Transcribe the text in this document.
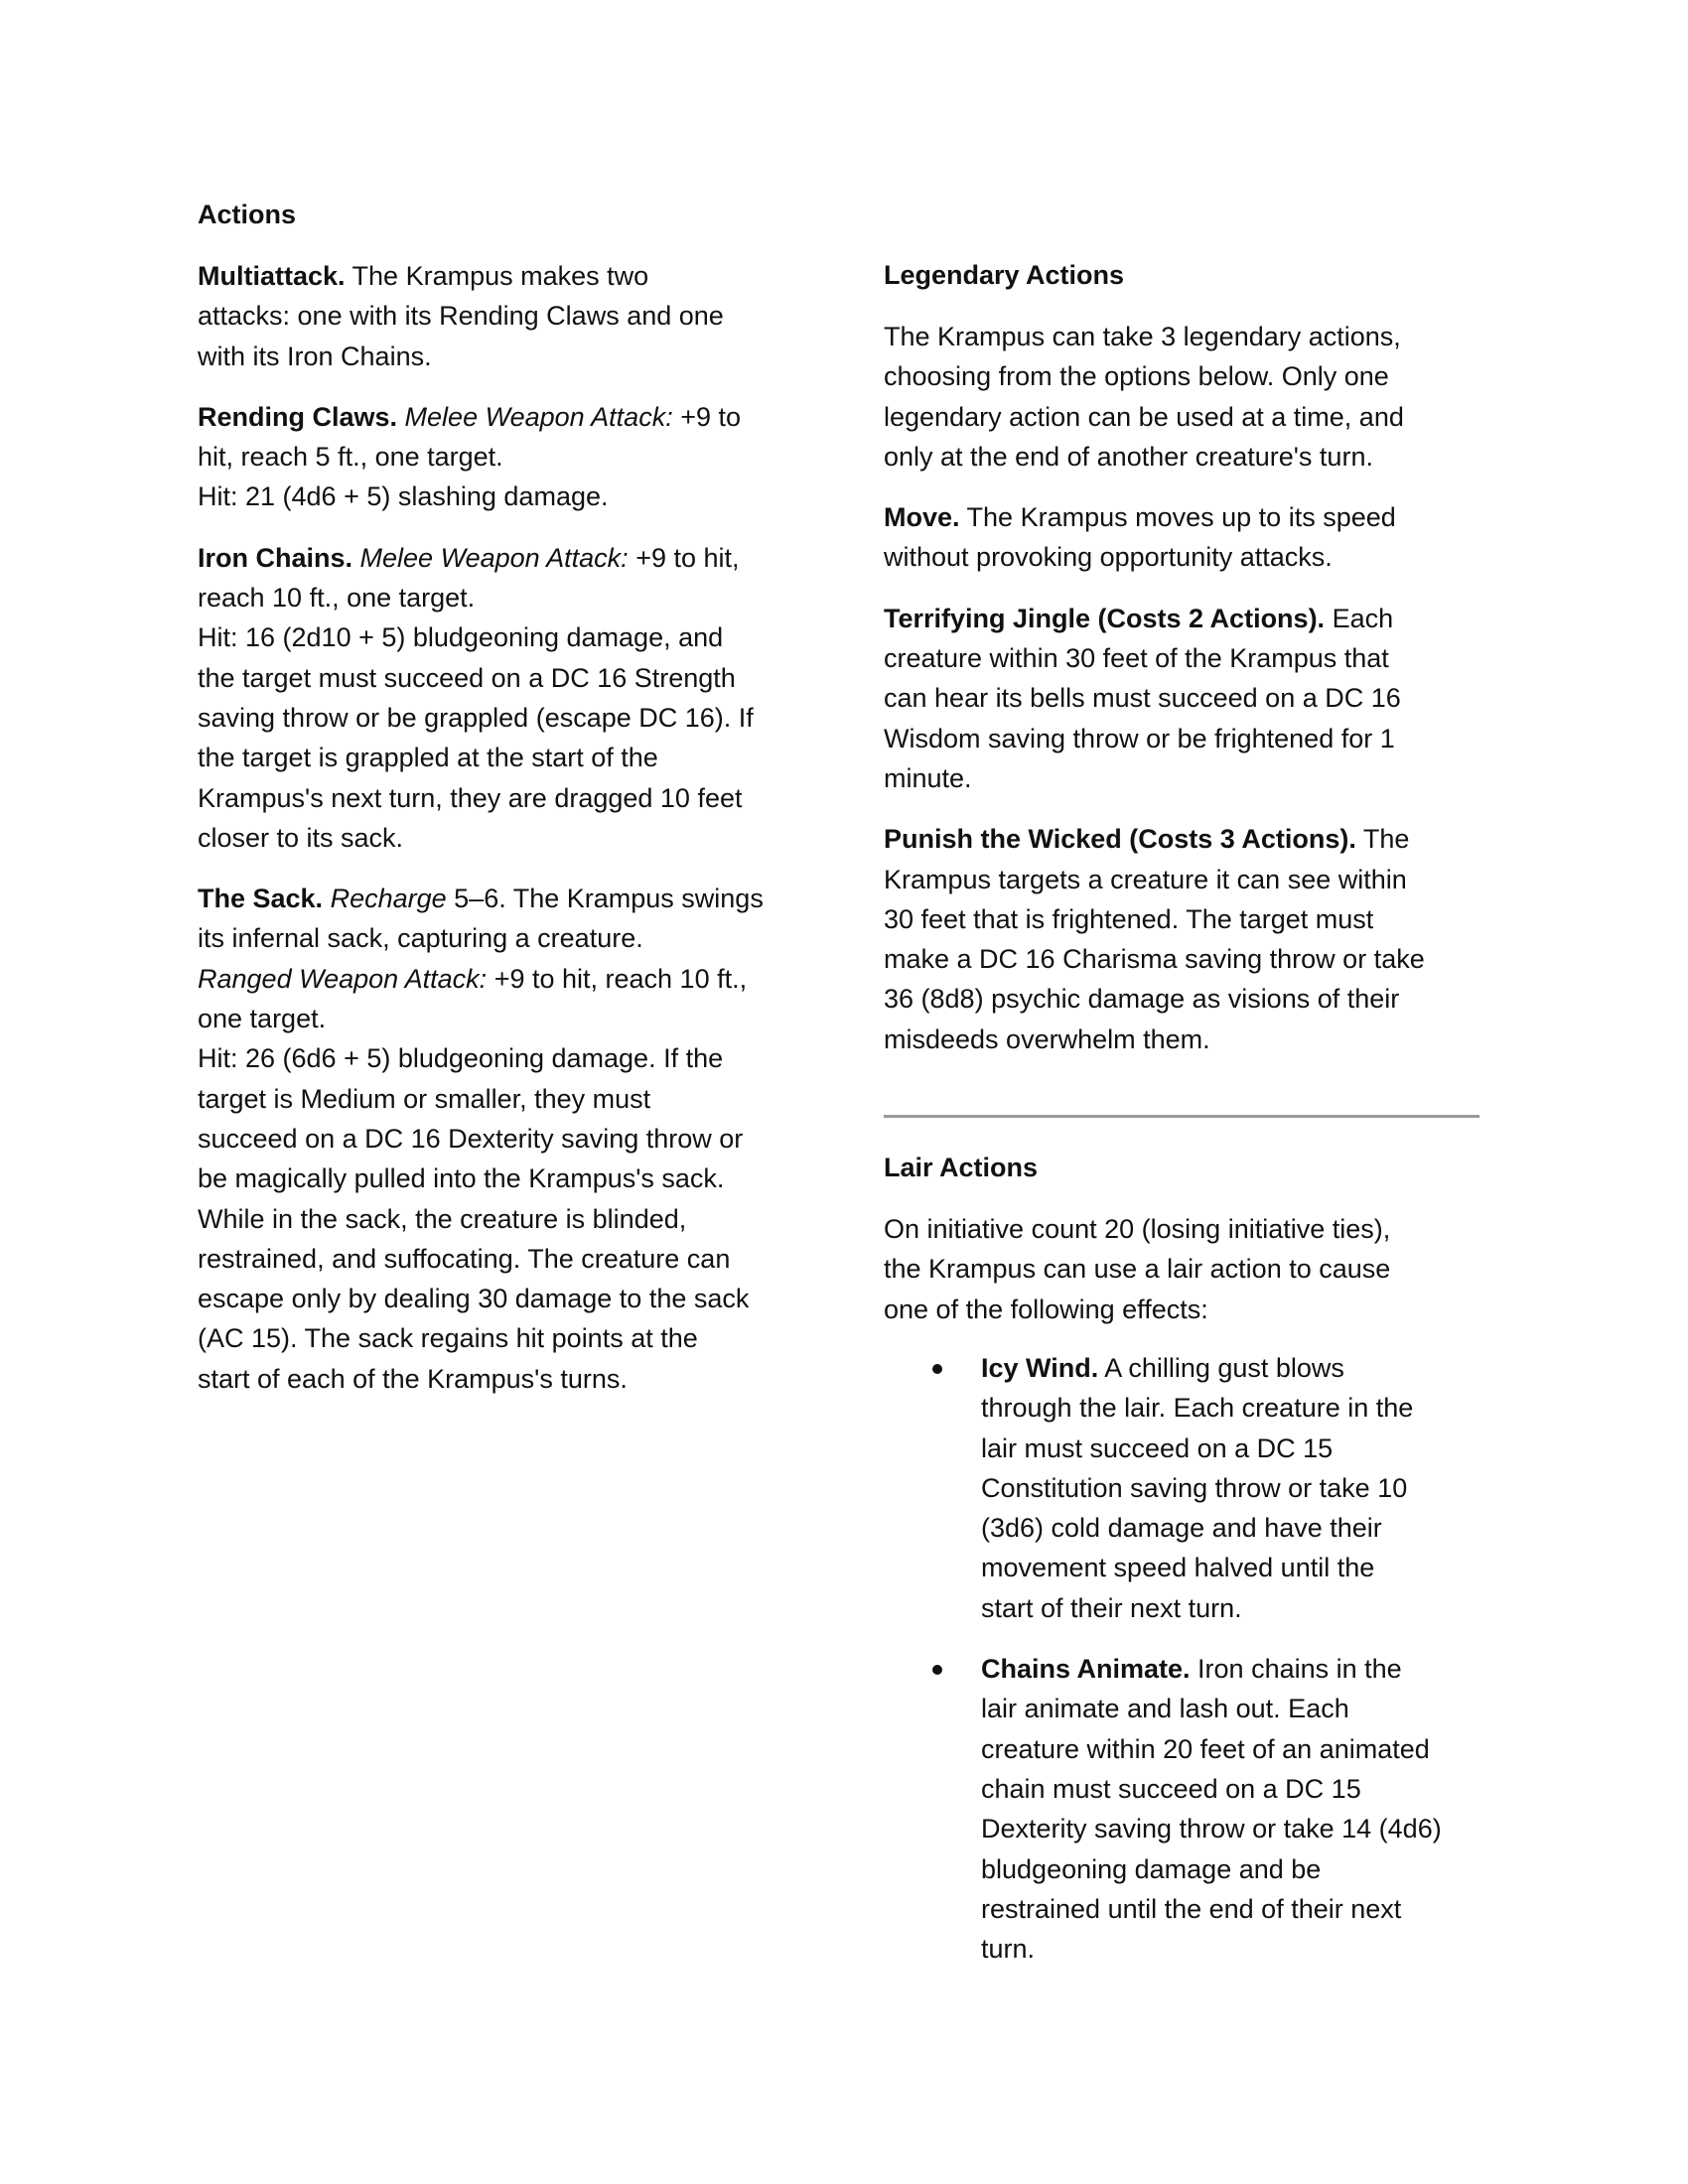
Actions

Multiattack. The Krampus makes two
attacks: one with its Rending Claws and one
with its Iron Chains.

Rending Claws. Melee Weapon Attack: +9 to
hit, reach 5 ft., one target.
Hit: 21 (4d6 + 5) slashing damage.

Iron Chains. Melee Weapon Attack: +9 to hit,
reach 10 ft., one target.
Hit: 16 (2d10 + 5) bludgeoning damage, and
the target must succeed on a DC 16 Strength
saving throw or be grappled (escape DC 16). If
the target is grappled at the start of the
Krampus's next turn, they are dragged 10 feet
closer to its sack.

The Sack. Recharge 5–6. The Krampus swings
its infernal sack, capturing a creature.
Ranged Weapon Attack: +9 to hit, reach 10 ft.,
one target.
Hit: 26 (6d6 + 5) bludgeoning damage. If the
target is Medium or smaller, they must
succeed on a DC 16 Dexterity saving throw or
be magically pulled into the Krampus's sack.
While in the sack, the creature is blinded,
restrained, and suffocating. The creature can
escape only by dealing 30 damage to the sack
(AC 15). The sack regains hit points at the
start of each of the Krampus's turns.

Legendary Actions

The Krampus can take 3 legendary actions,
choosing from the options below. Only one
legendary action can be used at a time, and
only at the end of another creature's turn.

Move. The Krampus moves up to its speed
without provoking opportunity attacks.

Terrifying Jingle (Costs 2 Actions). Each
creature within 30 feet of the Krampus that
can hear its bells must succeed on a DC 16
Wisdom saving throw or be frightened for 1
minute.

Punish the Wicked (Costs 3 Actions). The
Krampus targets a creature it can see within
30 feet that is frightened. The target must
make a DC 16 Charisma saving throw or take
36 (8d8) psychic damage as visions of their
misdeeds overwhelm them.

Lair Actions

On initiative count 20 (losing initiative ties),
the Krampus can use a lair action to cause
one of the following effects:

Icy Wind. A chilling gust blows
through the lair. Each creature in the
lair must succeed on a DC 15
Constitution saving throw or take 10
(3d6) cold damage and have their
movement speed halved until the
start of their next turn.
Chains Animate. Iron chains in the
lair animate and lash out. Each
creature within 20 feet of an animated
chain must succeed on a DC 15
Dexterity saving throw or take 14 (4d6)
bludgeoning damage and be
restrained until the end of their next
turn.
